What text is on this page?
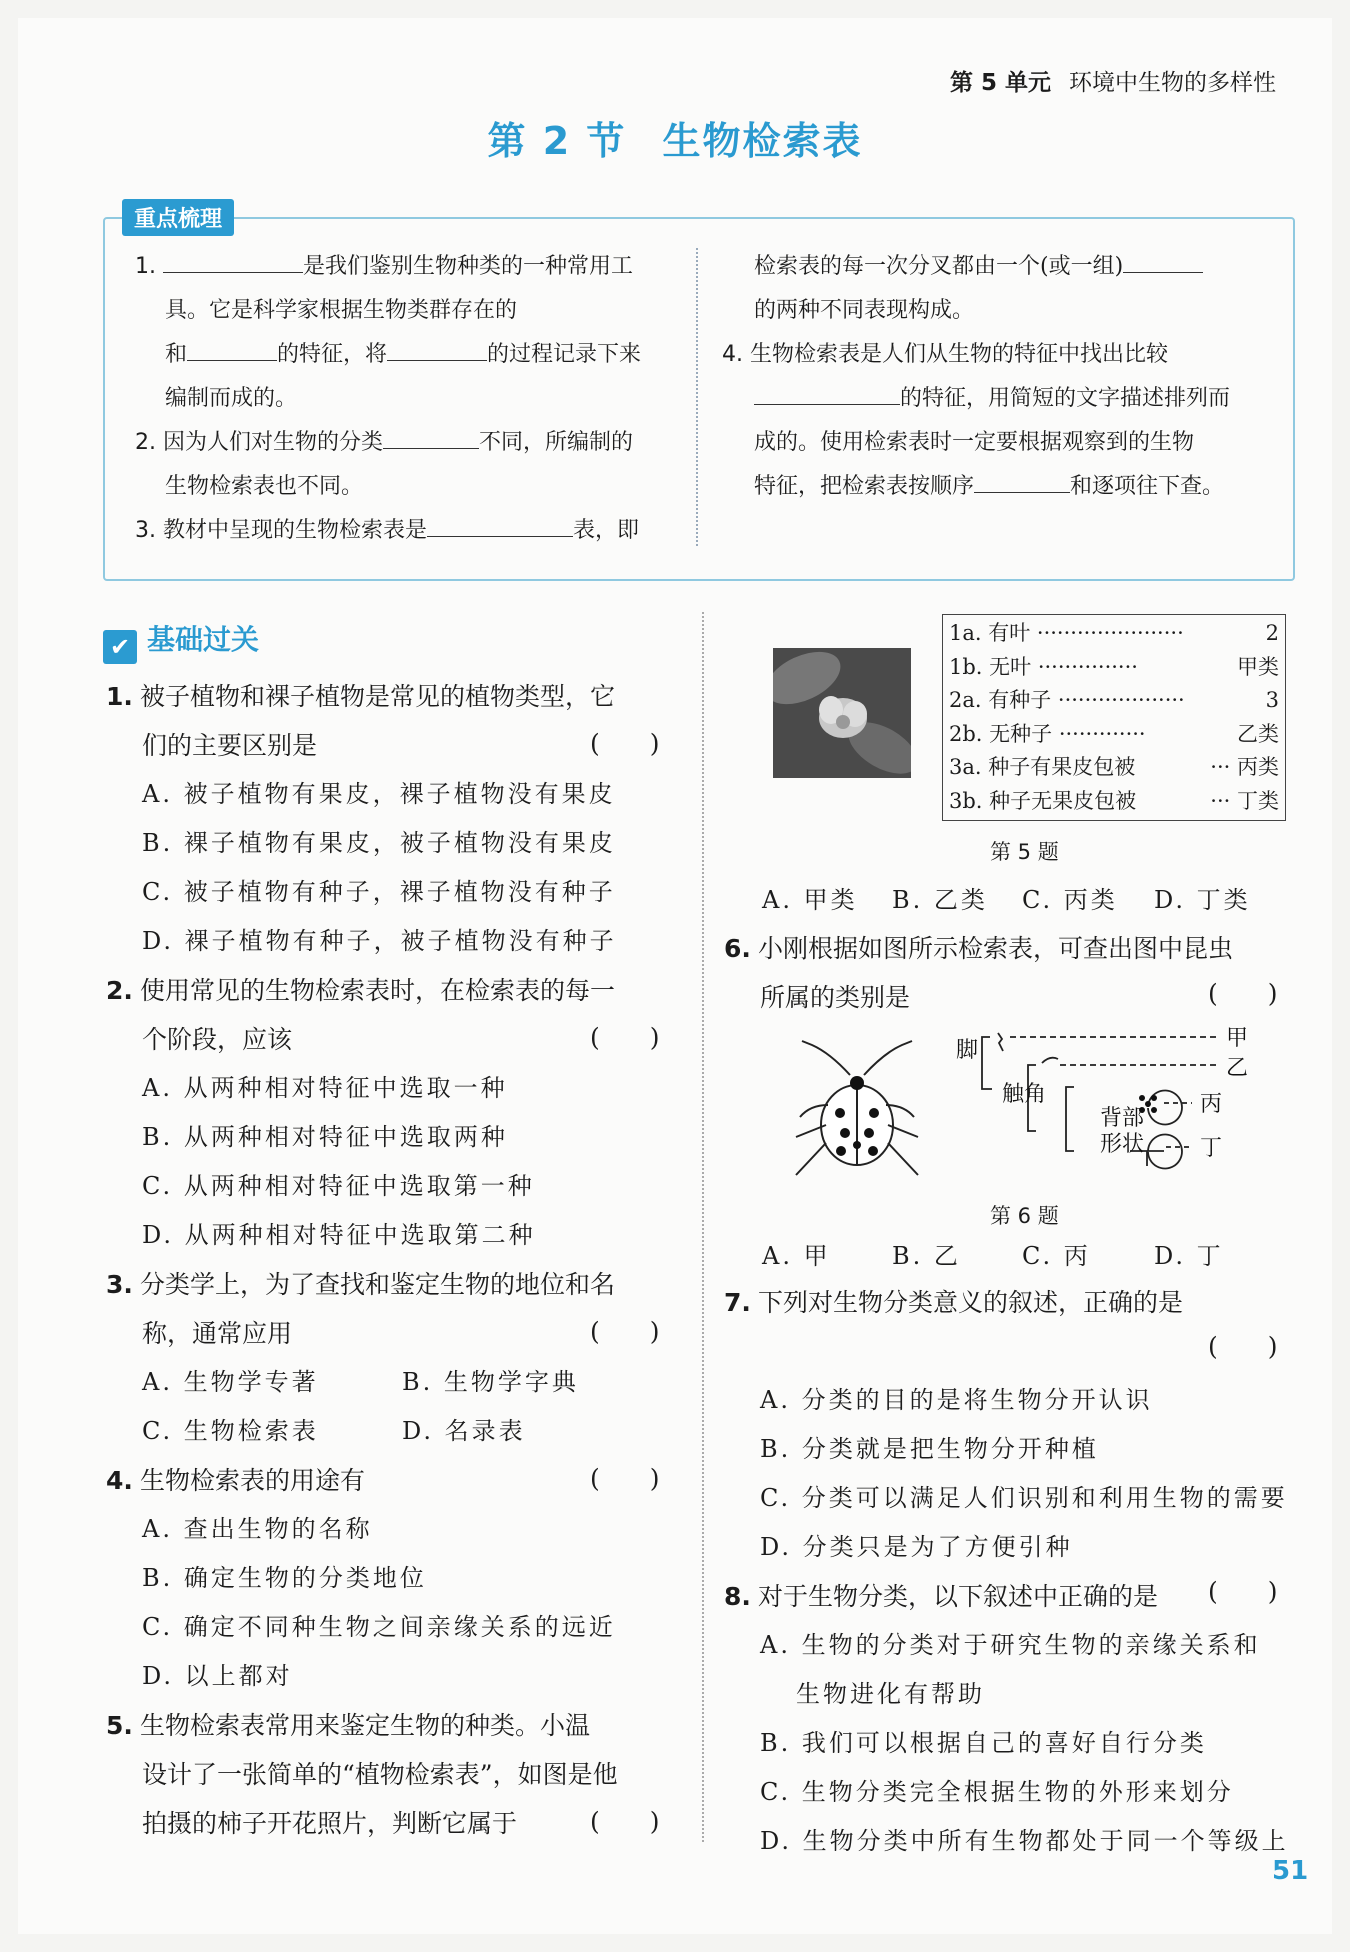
第 5 单元 环境中生物的多样性
第 2 节 生物检索表
重点梳理
1.	是我们鉴别生物种类的一种常用工
具。它是科学家根据生物类群存在的
和	的特征，将	的过程记录下来
编制而成的。
2. 因为人们对生物的分类	不同，所编制的
生物检索表也不同。
3. 教材中呈现的生物检索表是	表，即
检索表的每一次分叉都由一个(或一组)
的两种不同表现构成。
4. 生物检索表是人们从生物的特征中找出比较
的特征，用简短的文字描述排列而
成的。使用检索表时一定要根据观察到的生物
特征，把检索表按顺序	和逐项往下查。
✔ 基础过关
1. 被子植物和裸子植物是常见的植物类型，它
们的主要区别是
A. 被子植物有果皮，裸子植物没有果皮
B. 裸子植物有果皮，被子植物没有果皮
C. 被子植物有种子，裸子植物没有种子
D. 裸子植物有种子，被子植物没有种子
2. 使用常见的生物检索表时，在检索表的每一
个阶段，应该
A. 从两种相对特征中选取一种
B. 从两种相对特征中选取两种
C. 从两种相对特征中选取第一种
D. 从两种相对特征中选取第二种
3. 分类学上，为了查找和鉴定生物的地位和名
称，通常应用
A. 生物学专著	B. 生物学字典
C. 生物检索表	D. 名录表
4. 生物检索表的用途有
A. 查出生物的名称
B. 确定生物的分类地位
C. 确定不同种生物之间亲缘关系的远近
D. 以上都对
5. 生物检索表常用来鉴定生物的种类。小温
设计了一张简单的“植物检索表”，如图是他
拍摄的柿子开花照片，判断它属于
(　　)
(　　)
(　　)
(　　)
(　　)
1a. 有叶 ······················	2
1b. 无叶 ···············	甲类
2a. 有种子 ···················	3
2b. 无种子 ·············	乙类
3a. 种子有果皮包被	··· 丙类
3b. 种子无果皮包被	··· 丁类
第 5 题
A. 甲类 B. 乙类 C. 丙类 D. 丁类
6. 小刚根据如图所示检索表，可查出图中昆虫
所属的类别是	(　　)
脚
触角
背部
形状
甲
乙
丙
丁
第 6 题
A. 甲	B. 乙	C. 丙	D. 丁
7. 下列对生物分类意义的叙述，正确的是

A. 分类的目的是将生物分开认识
B. 分类就是把生物分开种植
C. 分类可以满足人们识别和利用生物的需要
D. 分类只是为了方便引种
8. 对于生物分类，以下叙述中正确的是
A. 生物的分类对于研究生物的亲缘关系和
生物进化有帮助
B. 我们可以根据自己的喜好自行分类
C. 生物分类完全根据生物的外形来划分
D. 生物分类中所有生物都处于同一个等级上
(　　)
(　　)
51
